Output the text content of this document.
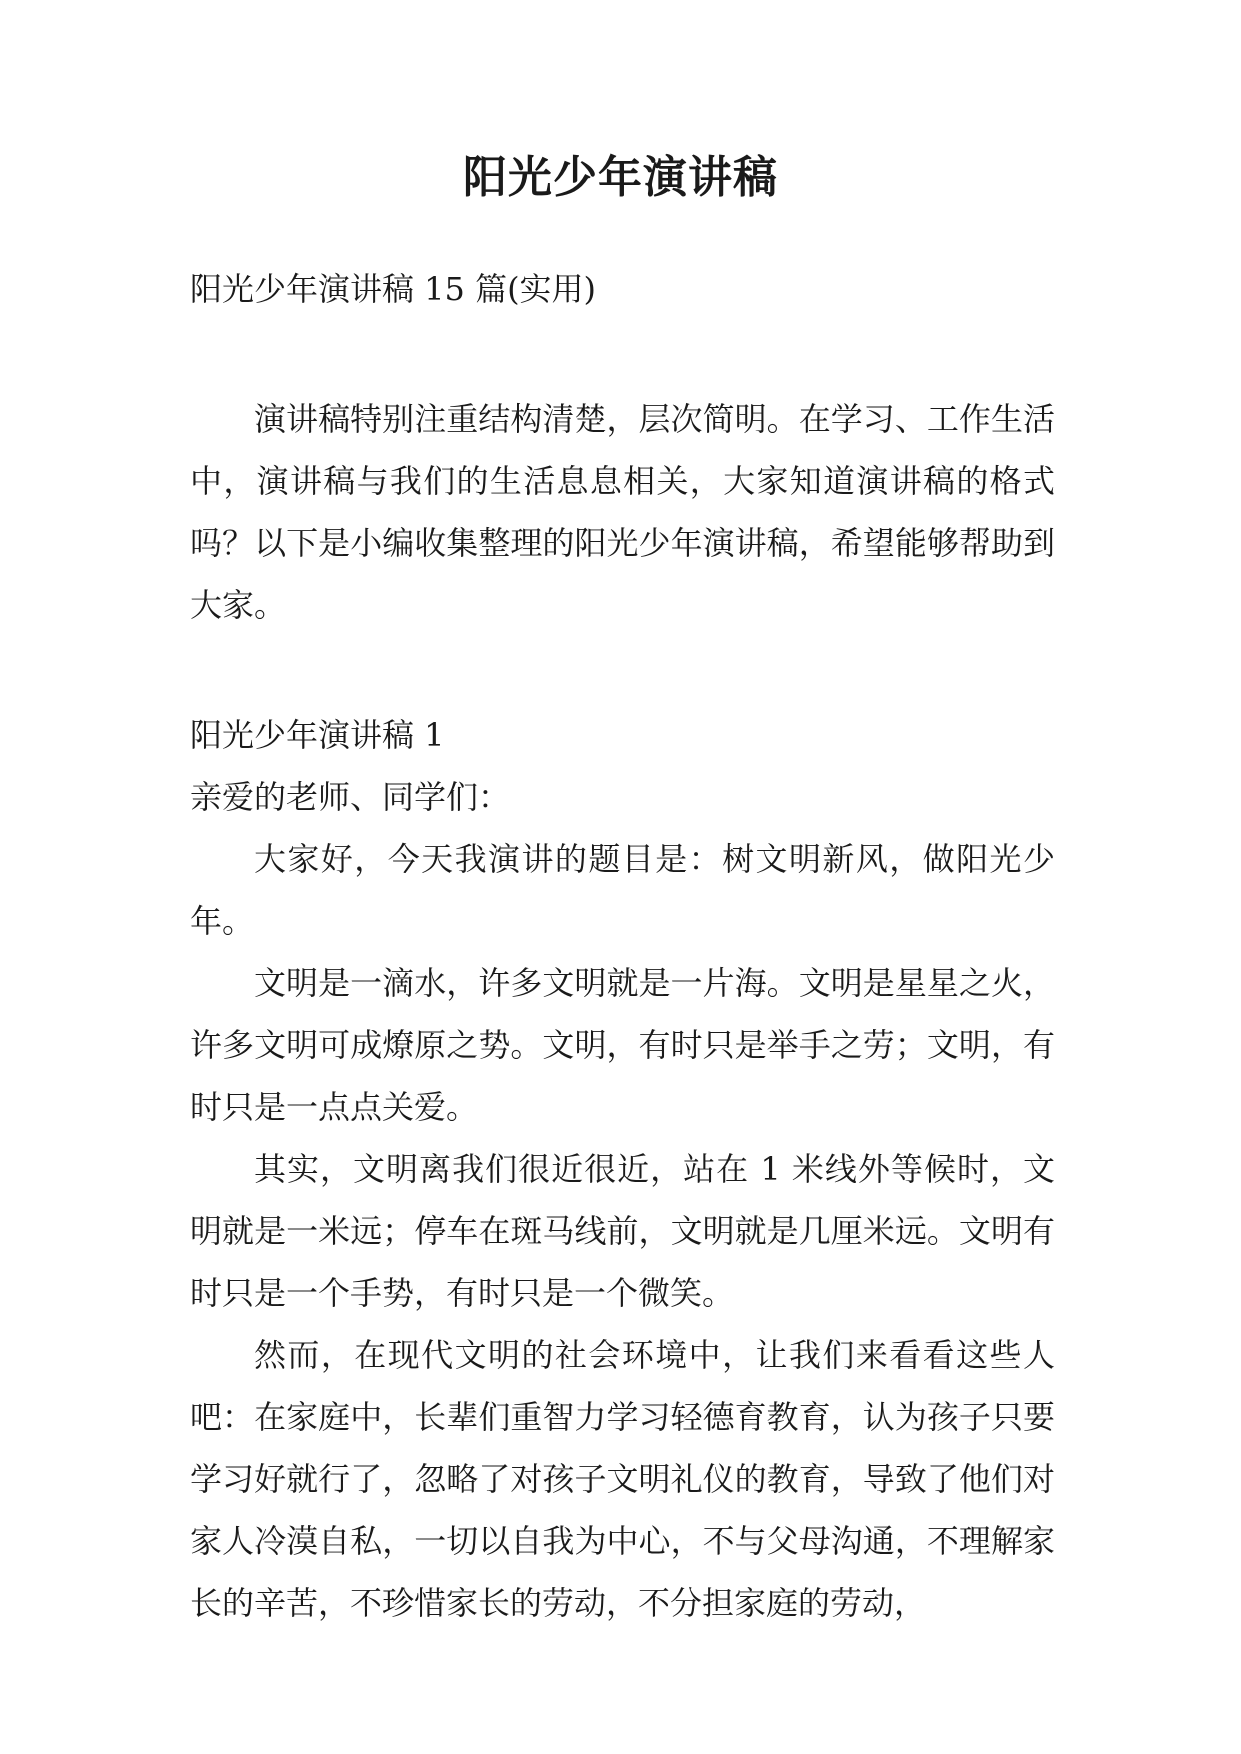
阳光少年演讲稿

阳光少年演讲稿 15 篇(实用)

演讲稿特别注重结构清楚，层次简明。在学习、工作生活中，演讲稿与我们的生活息息相关，大家知道演讲稿的格式吗？以下是小编收集整理的阳光少年演讲稿，希望能够帮助到大家。

阳光少年演讲稿 1

亲爱的老师、同学们：

大家好，今天我演讲的题目是：树文明新风，做阳光少年。

文明是一滴水，许多文明就是一片海。文明是星星之火，许多文明可成燎原之势。文明，有时只是举手之劳；文明，有时只是一点点关爱。

其实，文明离我们很近很近，站在 1 米线外等候时，文明就是一米远；停车在斑马线前，文明就是几厘米远。文明有时只是一个手势，有时只是一个微笑。

然而，在现代文明的社会环境中，让我们来看看这些人吧：在家庭中，长辈们重智力学习轻德育教育，认为孩子只要学习好就行了，忽略了对孩子文明礼仪的教育，导致了他们对家人冷漠自私，一切以自我为中心，不与父母沟通，不理解家长的辛苦，不珍惜家长的劳动，不分担家庭的劳动，
